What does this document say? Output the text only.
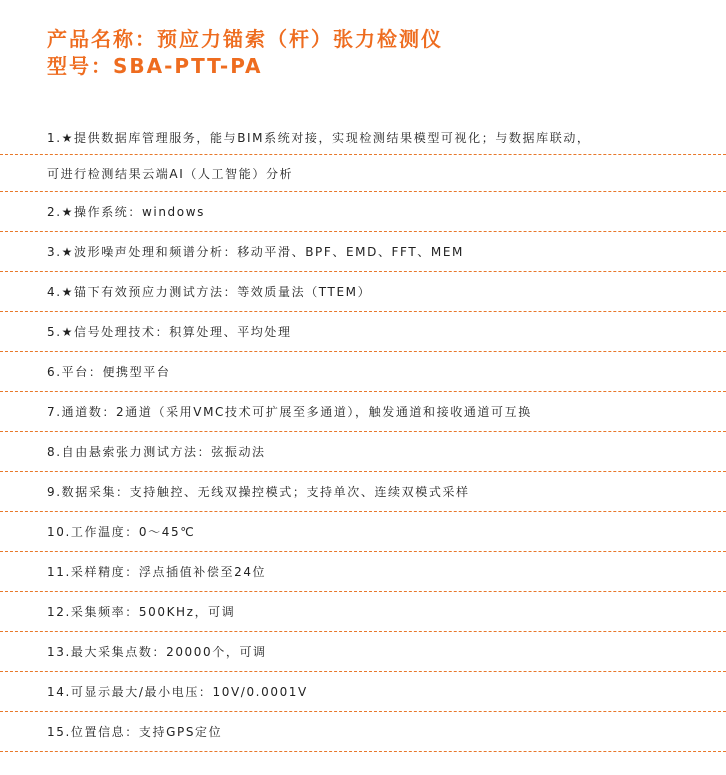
产品名称：预应力锚索（杆）张力检测仪
型号：SBA-PTT-PA
1.★提供数据库管理服务，能与BIM系统对接，实现检测结果模型可视化；与数据库联动，
可进行检测结果云端AI（人工智能）分析
2.★操作系统：windows
3.★波形噪声处理和频谱分析：移动平滑、BPF、EMD、FFT、MEM
4.★锚下有效预应力测试方法：等效质量法（TTEM）
5.★信号处理技术：积算处理、平均处理
6.平台：便携型平台
7.通道数：2通道（采用VMC技术可扩展至多通道），触发通道和接收通道可互换
8.自由悬索张力测试方法：弦振动法
9.数据采集：支持触控、无线双操控模式；支持单次、连续双模式采样
10.工作温度：0～45℃
11.采样精度：浮点插值补偿至24位
12.采集频率：500KHz，可调
13.最大采集点数：20000个，可调
14.可显示最大/最小电压：10V/0.0001V
15.位置信息：支持GPS定位
